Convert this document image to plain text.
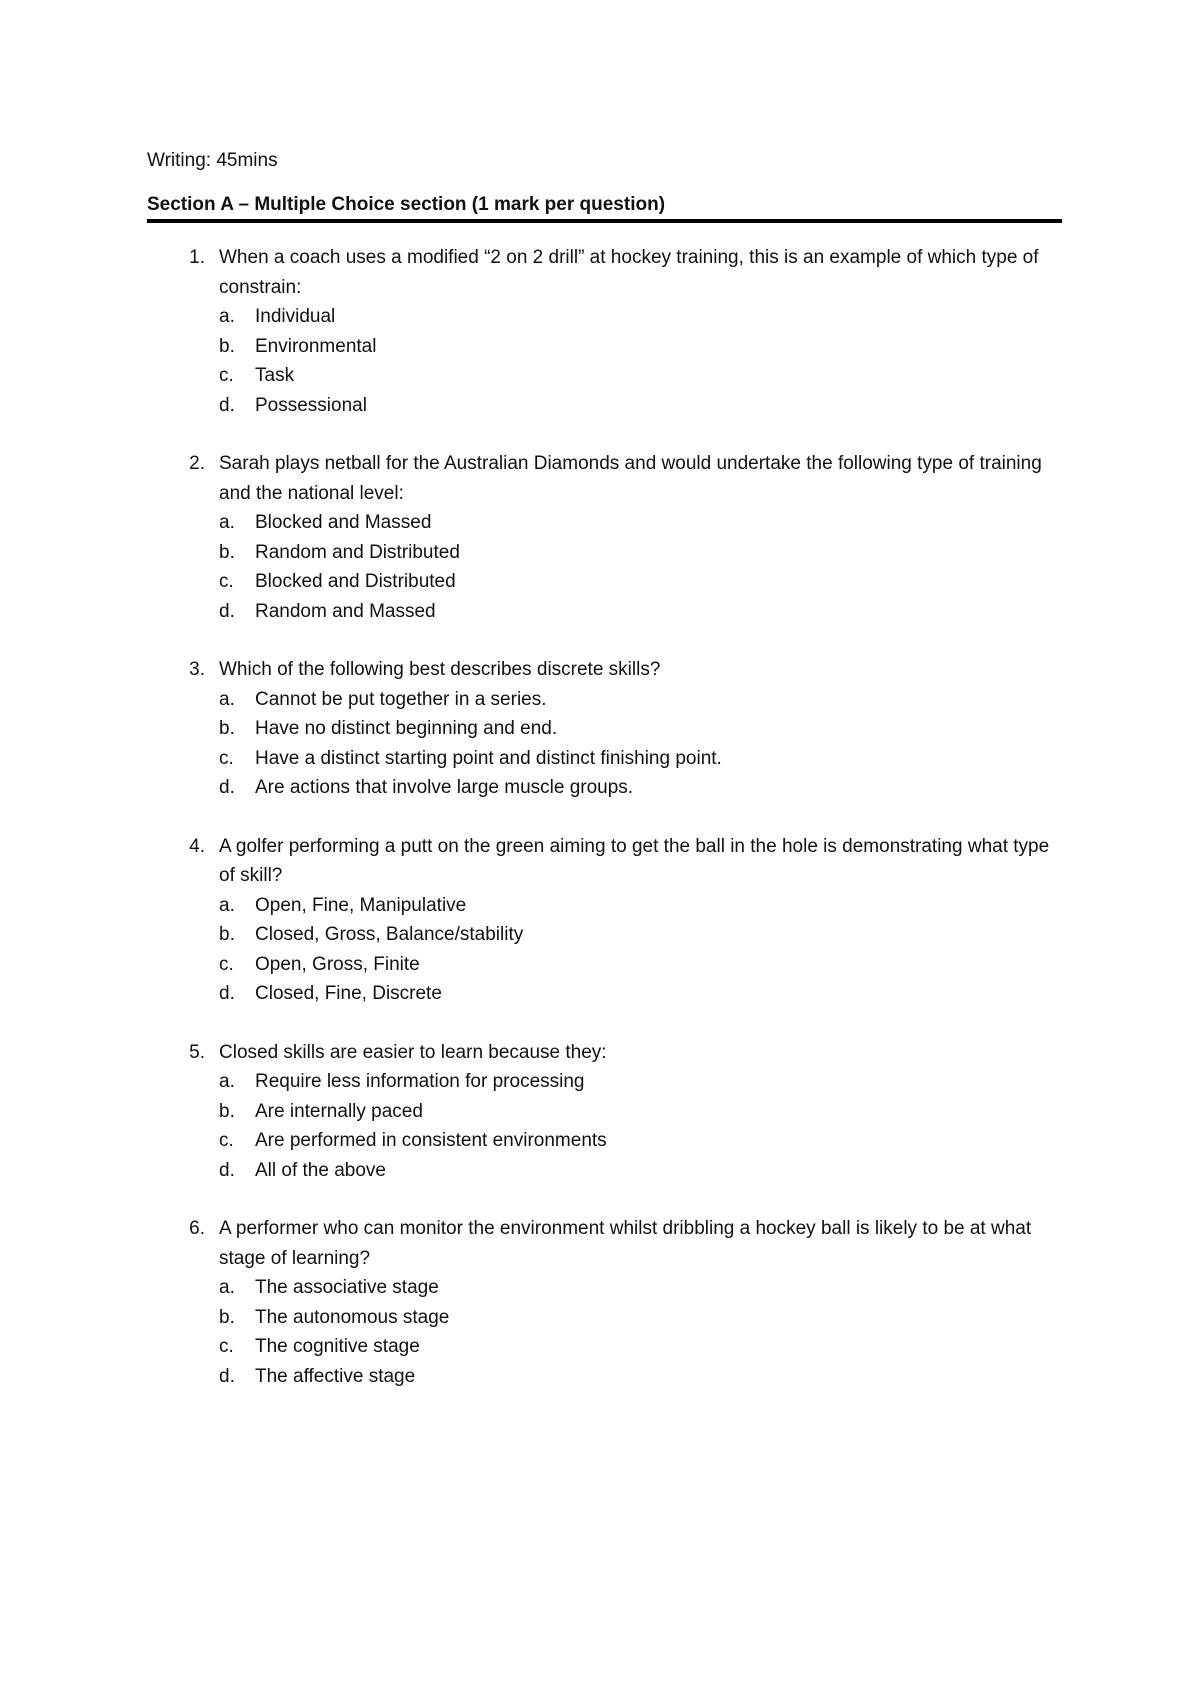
Writing: 45mins
Section A – Multiple Choice section (1 mark per question)
1. When a coach uses a modified “2 on 2 drill” at hockey training, this is an example of which type of constrain:
a. Individual
b. Environmental
c. Task
d. Possessional
2. Sarah plays netball for the Australian Diamonds and would undertake the following type of training and the national level:
a. Blocked and Massed
b. Random and Distributed
c. Blocked and Distributed
d. Random and Massed
3. Which of the following best describes discrete skills?
a. Cannot be put together in a series.
b. Have no distinct beginning and end.
c. Have a distinct starting point and distinct finishing point.
d. Are actions that involve large muscle groups.
4. A golfer performing a putt on the green aiming to get the ball in the hole is demonstrating what type of skill?
a. Open, Fine, Manipulative
b. Closed, Gross, Balance/stability
c. Open, Gross, Finite
d. Closed, Fine, Discrete
5. Closed skills are easier to learn because they:
a. Require less information for processing
b. Are internally paced
c. Are performed in consistent environments
d. All of the above
6. A performer who can monitor the environment whilst dribbling a hockey ball is likely to be at what stage of learning?
a. The associative stage
b. The autonomous stage
c. The cognitive stage
d. The affective stage
